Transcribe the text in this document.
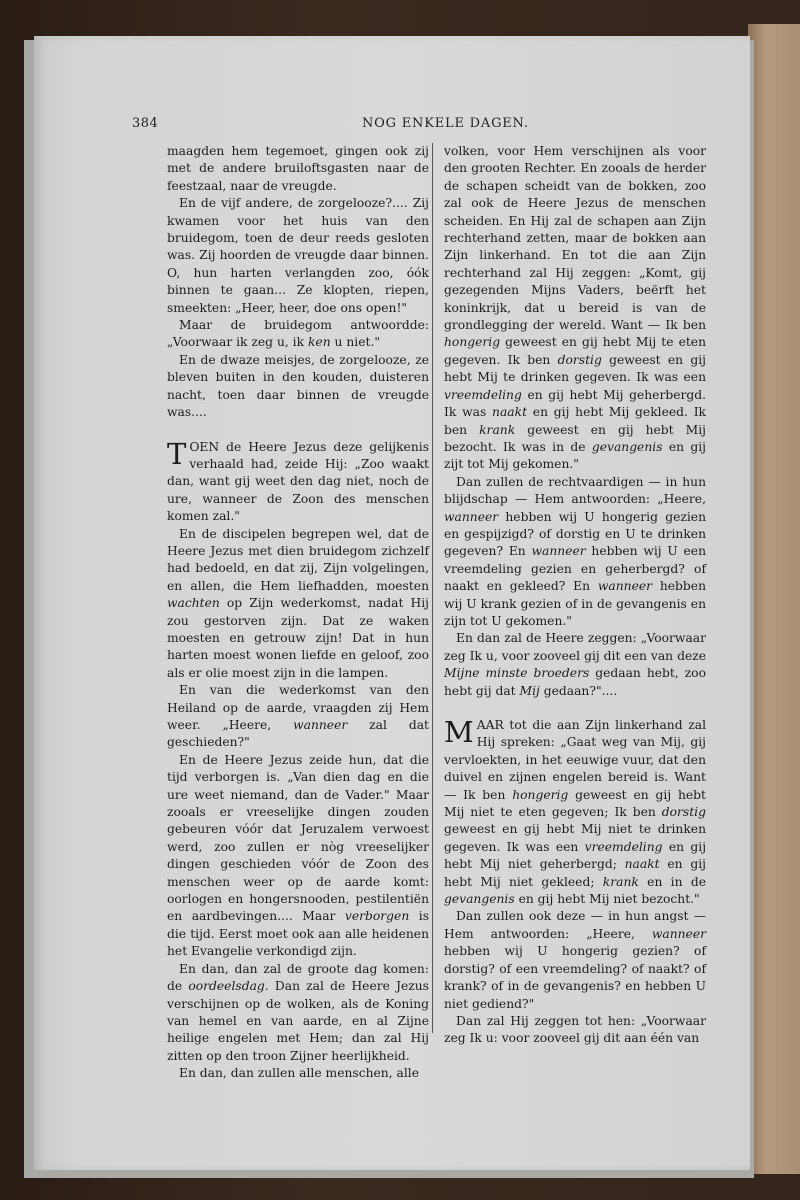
384	NOG ENKELE DAGEN.

maagden hem tegemoet, gingen ook zij met de andere bruiloftsgasten naar de feestzaal, naar de vreugde.

En de vijf andere, de zorgelooze?.... Zij kwamen voor het huis van den bruidegom, toen de deur reeds gesloten was. Zij hoorden de vreugde daar binnen. O, hun harten verlangden zoo, óók binnen te gaan... Ze klopten, riepen, smeekten: „Heer, heer, doe ons open!"

Maar de bruidegom antwoordde: „Voorwaar ik zeg u, ik ken u niet."

En de dwaze meisjes, de zorgelooze, ze bleven buiten in den kouden, duisteren nacht, toen daar binnen de vreugde was....

TOEN de Heere Jezus deze gelijkenis verhaald had, zeide Hij: „Zoo waakt dan, want gij weet den dag niet, noch de ure, wanneer de Zoon des menschen komen zal."

En de discipelen begrepen wel, dat de Heere Jezus met dien bruidegom zichzelf had bedoeld, en dat zij, Zijn volgelingen, en allen, die Hem liefhadden, moesten wachten op Zijn wederkomst, nadat Hij zou gestorven zijn. Dat ze waken moesten en getrouw zijn! Dat in hun harten moest wonen liefde en geloof, zoo als er olie moest zijn in die lampen.

En van die wederkomst van den Heiland op de aarde, vraagden zij Hem weer. „Heere, wanneer zal dat geschieden?"

En de Heere Jezus zeide hun, dat die tijd verborgen is. „Van dien dag en die ure weet niemand, dan de Vader." Maar zooals er vreeselijke dingen zouden gebeuren vóór dat Jeruzalem verwoest werd, zoo zullen er nòg vreeselijker dingen geschieden vóór de Zoon des menschen weer op de aarde komt: oorlogen en hongersnooden, pestilentiën en aardbevingen.... Maar verborgen is die tijd. Eerst moet ook aan alle heidenen het Evangelie verkondigd zijn.

En dan, dan zal de groote dag komen: de oordeelsdag. Dan zal de Heere Jezus verschijnen op de wolken, als de Koning van hemel en van aarde, en al Zijne heilige engelen met Hem; dan zal Hij zitten op den troon Zijner heerlijkheid.

En dan, dan zullen alle menschen, alle

volken, voor Hem verschijnen als voor den grooten Rechter. En zooals de herder de schapen scheidt van de bokken, zoo zal ook de Heere Jezus de menschen scheiden. En Hij zal de schapen aan Zijn rechterhand zetten, maar de bokken aan Zijn linkerhand. En tot die aan Zijn rechterhand zal Hij zeggen: „Komt, gij gezegenden Mijns Vaders, beërft het koninkrijk, dat u bereid is van de grondlegging der wereld. Want — Ik ben hongerig geweest en gij hebt Mij te eten gegeven. Ik ben dorstig geweest en gij hebt Mij te drinken gegeven. Ik was een vreemdeling en gij hebt Mij geherbergd. Ik was naakt en gij hebt Mij gekleed. Ik ben krank geweest en gij hebt Mij bezocht. Ik was in de gevangenis en gij zijt tot Mij gekomen."

Dan zullen de rechtvaardigen — in hun blijdschap — Hem antwoorden: „Heere, wanneer hebben wij U hongerig gezien en gespijzigd? of dorstig en U te drinken gegeven? En wanneer hebben wij U een vreemdeling gezien en geherbergd? of naakt en gekleed? En wanneer hebben wij U krank gezien of in de gevangenis en zijn tot U gekomen."

En dan zal de Heere zeggen: „Voorwaar zeg Ik u, voor zooveel gij dit een van deze Mijne minste broeders gedaan hebt, zoo hebt gij dat Mij gedaan?"....

MAAR tot die aan Zijn linkerhand zal Hij spreken: „Gaat weg van Mij, gij vervloekten, in het eeuwige vuur, dat den duivel en zijnen engelen bereid is. Want — Ik ben hongerig geweest en gij hebt Mij niet te eten gegeven; Ik ben dorstig geweest en gij hebt Mij niet te drinken gegeven. Ik was een vreemdeling en gij hebt Mij niet geherbergd; naakt en gij hebt Mij niet gekleed; krank en in de gevangenis en gij hebt Mij niet bezocht."

Dan zullen ook deze — in hun angst — Hem antwoorden: „Heere, wanneer hebben wij U hongerig gezien? of dorstig? of een vreemdeling? of naakt? of krank? of in de gevangenis? en hebben U niet gediend?"

Dan zal Hij zeggen tot hen: „Voorwaar zeg Ik u: voor zooveel gij dit aan één van
